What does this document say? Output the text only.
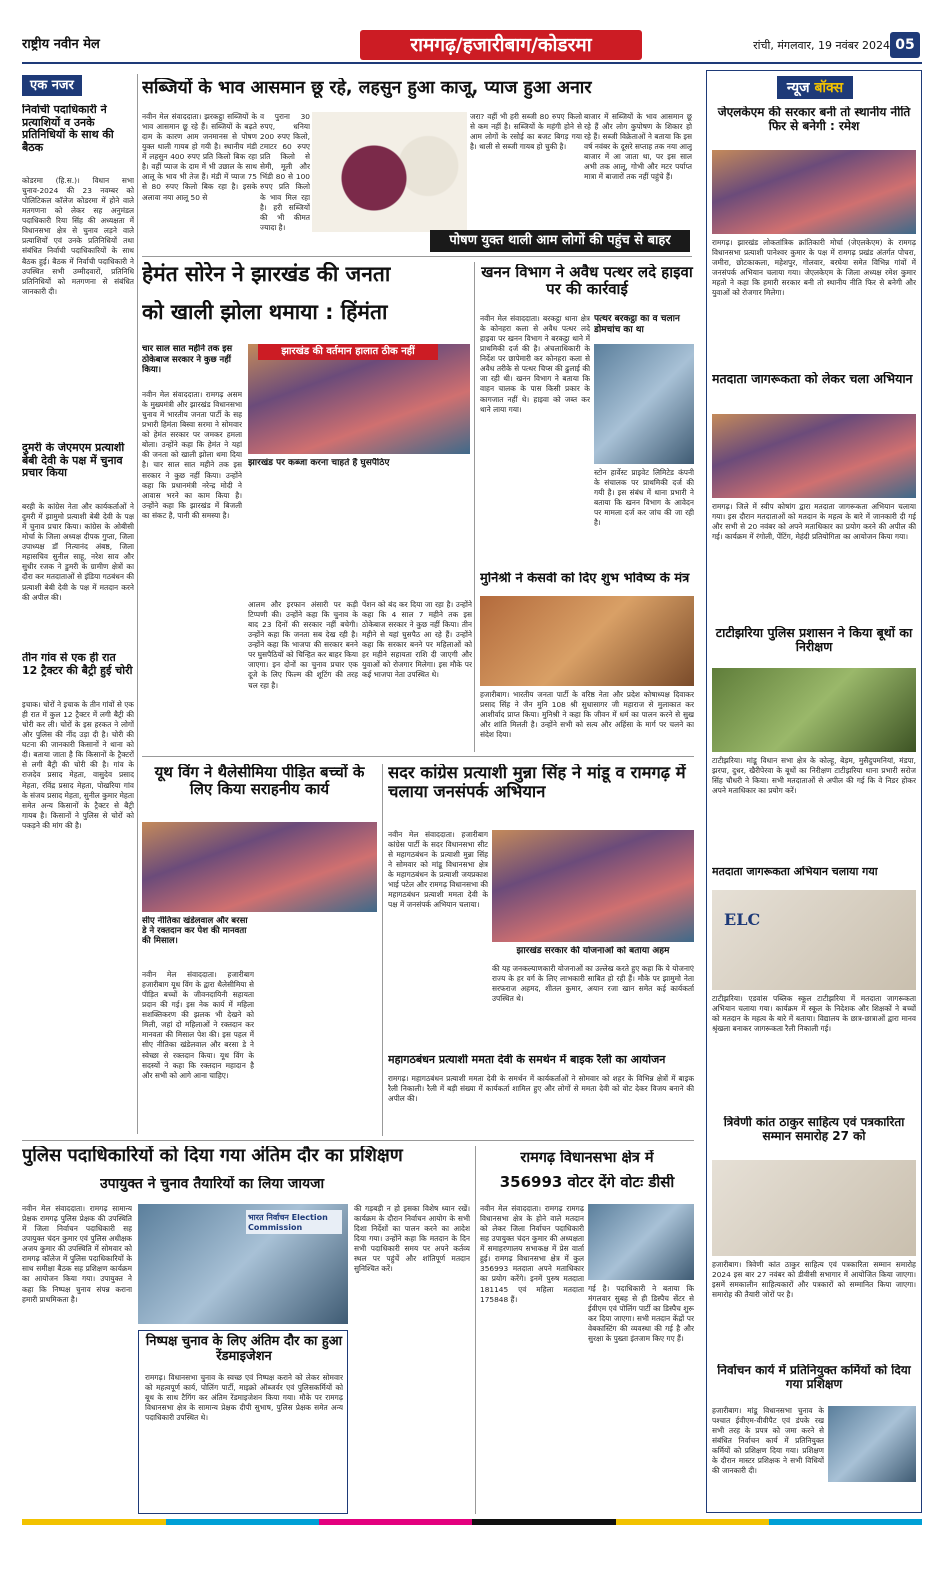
राष्ट्रीय नवीन मेल	रामगढ़/हजारीबाग/कोडरमा	रांची, मंगलवार, 19 नवंबर 2024 05
एक नजर
निर्वाची पदाधिकारी ने प्रत्याशियों व उनके प्रतिनिधियों के साथ की बैठक
कोडरमा (हि.स.)। विधान सभा चुनाव-2024 की 23 नवम्बर को पोलिटिकल कॉलेज कोडरमा में होने वाले मतगणना को लेकर सह अनुमंडल पदाधिकारी रिया सिंह की अध्यक्षता में विधानसभा क्षेत्र से चुनाव लड़ने वाले प्रत्याशियों एवं उनके प्रतिनिधियों तथा संबंधित निर्वाची पदाधिकारियों के साथ बैठक हुई। बैठक में निर्वाची पदाधिकारी ने उपस्थित सभी उम्मीदवारों, प्रतिनिधि प्रतिनिधियों को मतगणना से संबंधित जानकारी दी।
दुमरी के जेएमएम प्रत्याशी बेबी देवी के पक्ष में चुनाव प्रचार किया
बरही के कांग्रेस नेता और कार्यकर्ताओं ने दुमरी में झामुमो प्रत्याशी बेबी देवी के पक्ष में चुनाव प्रचार किया। कांग्रेस के ओबीसी मोर्चा के जिला अध्यक्ष दीपक गुप्ता, जिला उपाध्यक्ष डॉ नित्यानंद अंबष्ठ, जिला महासचिव सुनील साहू, नरेश साव और सुधीर रजक ने डुमरी के ग्रामीण क्षेत्रों का दौरा कर मतदाताओं से इंडिया गठबंधन की प्रत्याशी बेबी देवी के पक्ष में मतदान करने की अपील की।
तीन गांव से एक ही रात 12 ट्रैक्टर की बैट्री हुई चोरी
इचाक। चोरों ने इचाक के तीन गांवों से एक ही रात में कुल 12 ट्रैक्टर में लगी बैट्री की चोरी कर ली। चोरों के इस हरकत ने लोगों और पुलिस की नींद उड़ा दी है। चोरी की घटना की जानकारी किसानों ने थाना को दी। बताया जाता है कि किसानों के ट्रैक्टरों से लगी बैट्री की चोरी की है। गांव के राजदेव प्रसाद मेहता, वासुदेव प्रसाद मेहता, रविंद्र प्रसाद मेहता, पोखरिया गांव के संजय प्रसाद मेहता, सुनील कुमार मेहता समेत अन्य किसानों के ट्रैक्टर से बैट्री गायब है। किसानों ने पुलिस से चोरों को पकड़ने की मांग की है।
सब्जियों के भाव आसमान छू रहे, लहसुन हुआ काजू, प्याज हुआ अनार
नवीन मेल संवाददाता। झरकट्ठा सब्जियों के भाव आसमान छू रहे हैं। सब्जियों के बढ़ते दाम के कारण आम जनमानस से पोषण युक्त थाली गायब हो गयी है। स्थानीय मंडी में लहसुन 400 रुपए प्रति किलो बिक रहा है। वहीं प्याज के दाम में भी उछाल के साथ आलू के भाव भी तेज हैं। मंडी में प्याज 75 से 80 रुपए किलो बिक रहा है। इसके अलावा नया आलू 50 से
व पुराना 30 रुपए, धनिया 200 रुपए किलो, टमाटर 60 रुपए प्रति किलो से सेमी, मूली और भिंडी 80 से 100 रुपए प्रति किलो के भाव मिल रहा है। हरी सब्जियों की भी कीमत ज्यादा है।
जरा? वहीं भी हरी सब्जी 80 रुपए किलो से कम नहीं है। सब्जियों के महंगी होने से आम लोगों के रसोई का बजट बिगड़ गया है। थाली से सब्जी गायब हो चुकी है।
बाजार में सब्जियों के भाव आसमान छू रहे हैं और लोग कुपोषण के शिकार हो रहे हैं। सब्जी विक्रेताओं ने बताया कि इस वर्ष नवंबर के दूसरे सप्ताह तक नया आलू बाजार में आ जाता था, पर इस साल अभी तक आलू, गोभी और मटर पर्याप्त मात्रा में बाजारों तक नहीं पहुंचे हैं।
पोषण युक्त थाली आम लोगों की पहुंच से बाहर
न्यूज बॉक्स
जेएलकेएम की सरकार बनी तो स्थानीय नीति फिर से बनेगी : रमेश
रामगढ़। झारखंड लोकतांत्रिक क्रांतिकारी मोर्चा (जेएलकेएम) के रामगढ़ विधानसभा प्रत्याशी पानेश्वर कुमार के पक्ष में रामगढ़ प्रखंड अंतर्गत पोचरा, जमीरा, छोटकाकला, महेशपुर, गोलवार, बरघेया समेत विभिन्न गांवों में जनसंपर्क अभियान चलाया गया। जेएलकेएम के जिला अध्यक्ष रमेश कुमार महतो ने कहा कि हमारी सरकार बनी तो स्थानीय नीति फिर से बनेगी और युवाओं को रोजगार मिलेगा।
मतदाता जागरूकता को लेकर चला अभियान
रामगढ़। जिले में स्वीप कोषांग द्वारा मतदाता जागरूकता अभियान चलाया गया। इस दौरान मतदाताओं को मतदान के महत्व के बारे में जानकारी दी गई और सभी से 20 नवंबर को अपने मताधिकार का प्रयोग करने की अपील की गई। कार्यक्रम में रंगोली, पेंटिंग, मेहंदी प्रतियोगिता का आयोजन किया गया।
टाटीझरिया पुलिस प्रशासन ने किया बूथों का निरीक्षण
टाटीझरिया। मांडू विधान सभा क्षेत्र के कोल्हू, बेड़म, मुसैदुपमनियां, मंडपा, झरपा, दुधर, खैरीपेरवा के बूथों का निरीक्षण टाटीझरिया थाना प्रभारी सरोज सिंह चौधरी ने किया। सभी मतदाताओं से अपील की गई कि वे निडर होकर अपने मताधिकार का प्रयोग करें।
मतदाता जागरूकता अभियान चलाया गया
ELC
टाटीझरिया। एडवांस पब्लिक स्कूल टाटीझरिया में मतदाता जागरूकता अभियान चलाया गया। कार्यक्रम में स्कूल के निदेशक और शिक्षकों ने बच्चों को मतदान के महत्व के बारे में बताया। विद्यालय के छात्र-छात्राओं द्वारा मानव श्रृंखला बनाकर जागरूकता रैली निकाली गई।
त्रिवेणी कांत ठाकुर साहित्य एवं पत्रकारिता सम्मान समारोह 27 को
हजारीबाग। त्रिवेणी कांत ठाकुर साहित्य एवं पत्रकारिता सम्मान समारोह 2024 इस बार 27 नवंबर को डीवीसी सभागार में आयोजित किया जाएगा। इसमें समकालीन साहित्यकारों और पत्रकारों को सम्मानित किया जाएगा। समारोह की तैयारी जोरों पर है।
निर्वाचन कार्य में प्रतिनियुक्त कर्मियों को दिया गया प्रशिक्षण
हजारीबाग। मांडू विधानसभा चुनाव के पश्चात ईवीएम-वीवीपैट एवं डंपके रख सभी तरह के प्रपत्र को जमा करने से संबंधित निर्वाचन कार्य में प्रतिनियुक्त कर्मियों को प्रशिक्षण दिया गया। प्रशिक्षण के दौरान मास्टर प्रशिक्षक ने सभी विधियों की जानकारी दी।
हेमंत सोरेन ने झारखंड की जनता
को खाली झोला थमाया : हिंमंता
चार साल सात महीने तक इस ठोकेबाज सरकार ने कुछ नहीं किया।
नवीन मेल संवाददाता। रामगढ़ असम के मुख्यमंत्री और झारखंड विधानसभा चुनाव में भारतीय जनता पार्टी के सह प्रभारी हिमंता बिस्वा सरमा ने सोमवार को हेमंत सरकार पर जमकर हमला बोला। उन्होंने कहा कि हेमंत ने यहां की जनता को खाली झोला थमा दिया है। चार साल सात महीने तक इस सरकार ने कुछ नहीं किया। उन्होंने कहा कि प्रधानमंत्री नरेन्द्र मोदी ने आवास भरने का काम किया है। उन्होंने कहा कि झारखंड में बिजली का संकट है, पानी की समस्या है।
झारखंड की वर्तमान हालात ठीक नहीं
झारखंड पर कब्जा करना चाहते हैं घुसपैठिए
आलम और इरफान अंसारी पर कड़ी टिप्पणी की। उन्होंने कहा कि चुनाव के बाद 23 दिनों की सरकार नहीं बचेगी। उन्होंने कहा कि जनता सब देख रही है। उन्होंने कहा कि भाजपा की सरकार बनने पर घुसपैठियों को चिन्हित कर बाहर किया जाएगा। इन दोनों का चुनाव प्रचार एक दूजे के लिए फिल्म की शूटिंग की तरह चल रहा है।
पेंशन को बंद कर दिया जा रहा है। उन्होंने कहा कि 4 साल 7 महीने तक इस ठोकेबाज सरकार ने कुछ नहीं किया। तीन महीने से यहां घुसपैठ आ रहे हैं। उन्होंने कहा कि सरकार बनने पर महिलाओं को हर महीने सहायता राशि दी जाएगी और युवाओं को रोजगार मिलेगा। इस मौके पर कई भाजपा नेता उपस्थित थे।
खनन विभाग ने अवैध पत्थर लदे हाइवा पर की कार्रवाई
नवीन मेल संवाददाता। बरकट्ठा थाना क्षेत्र के कोनहरा कला से अवैध पत्थर लदे हाइवा पर खनन विभाग ने बरकट्ठा थाने में प्राथमिकी दर्ज की है। अंचलाधिकारी के निर्देश पर छापेमारी कर कोनहरा कला से अवैध तरीके से पत्थर चिप्स की ढुलाई की जा रही थी। खनन विभाग ने बताया कि वाहन चालक के पास किसी प्रकार के कागजात नहीं थे। हाइवा को जब्त कर थाने लाया गया।
पत्थर बरकट्ठा का व चलान डोमचांच का था
स्टोन हार्वेस्ट प्राइवेट लिमिटेड कंपनी के संचालक पर प्राथमिकी दर्ज की गयी है। इस संबंध में थाना प्रभारी ने बताया कि खनन विभाग के आवेदन पर मामला दर्ज कर जांच की जा रही है।
मुनिश्री ने केसवी को दिए शुभ भविष्य के मंत्र
हजारीबाग। भारतीय जनता पार्टी के वरिष्ठ नेता और प्रदेश कोषाध्यक्ष दिवाकर प्रसाद सिंह ने जैन मुनि 108 श्री सुधासागर जी महाराज से मुलाकात कर आशीर्वाद प्राप्त किया। मुनिश्री ने कहा कि जीवन में धर्म का पालन करने से सुख और शांति मिलती है। उन्होंने सभी को सत्य और अहिंसा के मार्ग पर चलने का संदेश दिया।
यूथ विंग ने थैलेसीमिया पीड़ित बच्चों के लिए किया सराहनीय कार्य
सीए नीतिका खंडेलवाल और बरसा डे ने रक्तदान कर पेश की मानवता की मिसाल।
नवीन मेल संवाददाता। हजारीबाग हजारीबाग यूथ विंग के द्वारा थैलेसीमिया से पीड़ित बच्चों के जीवनदायिनी सहायता प्रदान की गई। इस नेक कार्य में महिला सशक्तिकरण की झलक भी देखने को मिली, जहां दो महिलाओं ने रक्तदान कर मानवता की मिसाल पेश की। इस पहल में सीए नीतिका खंडेलवाल और बरसा डे ने स्वेच्छा से रक्तदान किया। यूथ विंग के सदस्यों ने कहा कि रक्तदान महादान है और सभी को आगे आना चाहिए।
सदर कांग्रेस प्रत्याशी मुन्ना सिंह ने मांडू व रामगढ़ में चलाया जनसंपर्क अभियान
नवीन मेल संवाददाता। हजारीबाग कांग्रेस पार्टी के सदर विधानसभा सीट से महागठबंधन के प्रत्याशी मुन्ना सिंह ने सोमवार को मांडू विधानसभा क्षेत्र के महागठबंधन के प्रत्याशी जयप्रकाश भाई पटेल और रामगढ़ विधानसभा की महागठबंधन प्रत्याशी ममता देवी के पक्ष में जनसंपर्क अभियान चलाया।
झारखंड सरकार की योजनाओं को बताया अहम
की यह जनकल्याणकारी योजनाओं का उल्लेख करते हुए कहा कि ये योजनाएं राज्य के हर वर्ग के लिए लाभकारी साबित हो रही हैं। मौके पर झामुमो नेता सरफराज अहमद, शीतल कुमार, अयान रजा खान समेत कई कार्यकर्ता उपस्थित थे।
महागठबंधन प्रत्याशी ममता देवी के समर्थन में बाइक रैली का आयोजन
रामगढ़। महागठबंधन प्रत्याशी ममता देवी के समर्थन में कार्यकर्ताओं ने सोमवार को शहर के विभिन्न क्षेत्रों में बाइक रैली निकाली। रैली में बड़ी संख्या में कार्यकर्ता शामिल हुए और लोगों से ममता देवी को वोट देकर विजय बनाने की अपील की।
पुलिस पदाधिकारियों को दिया गया अंतिम दौर का प्रशिक्षण
उपायुक्त ने चुनाव तैयारियों का लिया जायजा
नवीन मेल संवाददाता। रामगढ़ सामान्य प्रेक्षक रामगढ़ पुलिस प्रेक्षक की उपस्थिति में जिला निर्वाचन पदाधिकारी सह उपायुक्त चंदन कुमार एवं पुलिस अधीक्षक अजय कुमार की उपस्थिति में सोमवार को रामगढ़ कॉलेज में पुलिस पदाधिकारियों के साथ समीक्षा बैठक सह प्रशिक्षण कार्यक्रम का आयोजन किया गया। उपायुक्त ने कहा कि निष्पक्ष चुनाव संपन्न कराना हमारी प्राथमिकता है।
भारत निर्वाचन Election Commission
निष्पक्ष चुनाव के लिए अंतिम दौर का हुआ रेंडमाइजेशन
रामगढ़। विधानसभा चुनाव के स्वच्छ एवं निष्पक्ष कराने को लेकर सोमवार को महत्वपूर्ण कार्य, पोलिंग पार्टी, माइक्रो ऑब्जर्वर एवं पुलिसकर्मियों को बूथ के साथ टैगिंग कर अंतिम रेंडमाइजेशन किया गया। मौके पर रामगढ़ विधानसभा क्षेत्र के सामान्य प्रेक्षक दीपी सुभाष, पुलिस प्रेक्षक समेत अन्य पदाधिकारी उपस्थित थे।
की गड़बड़ी न हो इसका विशेष ध्यान रखें। कार्यक्रम के दौरान निर्वाचन आयोग के सभी दिशा निर्देशों का पालन करने का आदेश दिया गया। उन्होंने कहा कि मतदान के दिन सभी पदाधिकारी समय पर अपने कर्तव्य स्थल पर पहुंचें और शांतिपूर्ण मतदान सुनिश्चित करें।
रामगढ़ विधानसभा क्षेत्र में
356993 वोटर देंगे वोटः डीसी
नवीन मेल संवाददाता। रामगढ़ रामगढ़ विधानसभा क्षेत्र के होने वाले मतदान को लेकर जिला निर्वाचन पदाधिकारी सह उपायुक्त चंदन कुमार की अध्यक्षता में समाहरणालय सभाकक्ष में प्रेस वार्ता हुई। रामगढ़ विधानसभा क्षेत्र में कुल 356993 मतदाता अपने मताधिकार का प्रयोग करेंगे। इनमें पुरुष मतदाता 181145 एवं महिला मतदाता 175848 हैं।
गई है। पदाधिकारी ने बताया कि मंगलवार सुबह से ही डिस्पैच सेंटर से ईवीएम एवं पोलिंग पार्टी का डिस्पैच शुरू कर दिया जाएगा। सभी मतदान केंद्रों पर वेबकास्टिंग की व्यवस्था की गई है और सुरक्षा के पुख्ता इंतजाम किए गए हैं।
